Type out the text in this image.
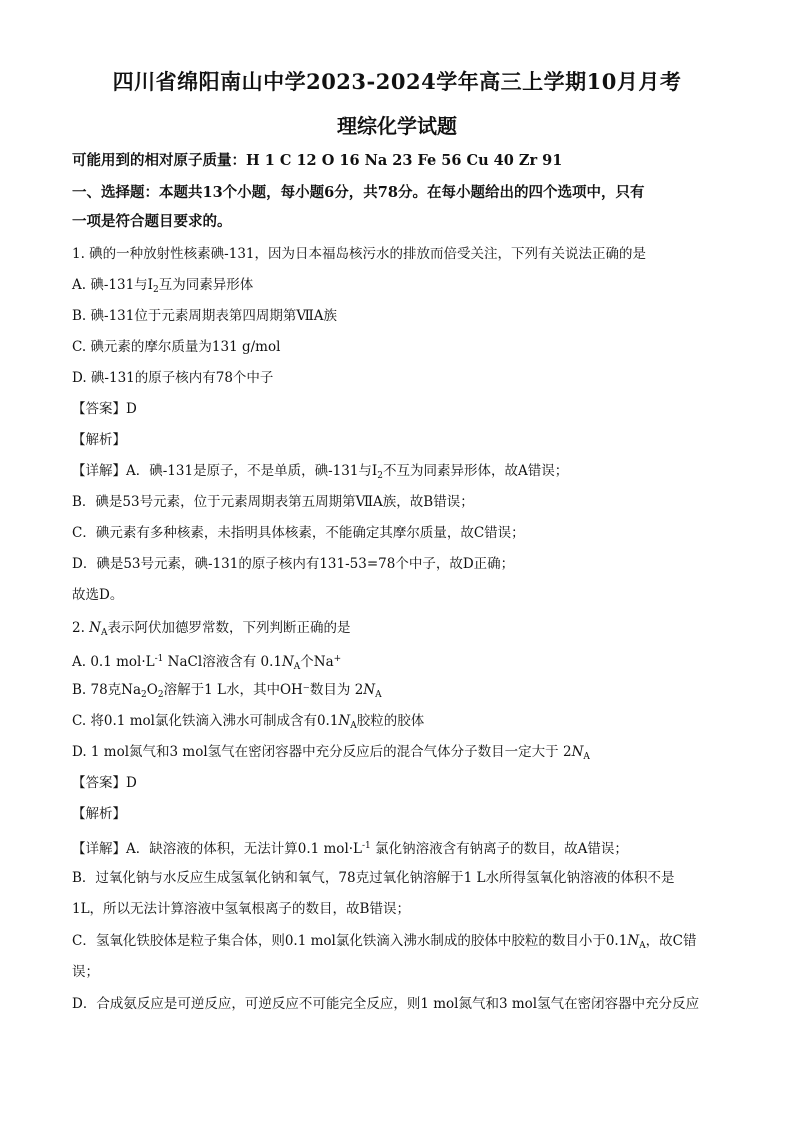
四川省绵阳南山中学2023-2024学年高三上学期10月月考
理综化学试题
可能用到的相对原子质量：H 1 C 12 O 16 Na 23 Fe 56 Cu 40 Zr 91
一、选择题：本题共13个小题，每小题6分，共78分。在每小题给出的四个选项中，只有
一项是符合题目要求的。
1. 碘的一种放射性核素碘-131，因为日本福岛核污水的排放而倍受关注，下列有关说法正确的是
A. 碘-131与$I_2$互为同素异形体
B. 碘-131位于元素周期表第四周期第ⅦA族
C. 碘元素的摩尔质量为131 g/mol
D. 碘-131的原子核内有78个中子
【答案】D
【解析】
【详解】A．碘-131是原子，不是单质，碘-131与$I_2$不互为同素异形体，故A错误；
B．碘是53号元素，位于元素周期表第五周期第ⅦA族，故B错误；
C．碘元素有多种核素，未指明具体核素，不能确定其摩尔质量，故C错误；
D．碘是53号元素，碘-131的原子核内有131-53=78个中子，故D正确；
故选D。
2. $N_A$表示阿伏加德罗常数，下列判断正确的是
A. 0.1 $mol\cdot L^{-1}$ NaCl溶液含有 $0.1N_A$个Na+
B. 78克$Na_2O_2$溶解于1 L水，其中OH⁻数目为 $2N_A$
C. 将0.1 mol氯化铁滴入沸水可制成含有$0.1N_A$胶粒的胶体
D. 1 mol氮气和3 mol氢气在密闭容器中充分反应后的混合气体分子数目一定大于 $2N_A$
【答案】D
【解析】
【详解】A．缺溶液的体积，无法计算0.1 $mol\cdot L^{-1}$ 氯化钠溶液含有钠离子的数目，故A错误；
B．过氧化钠与水反应生成氢氧化钠和氧气，78克过氧化钠溶解于1 L水所得氢氧化钠溶液的体积不是
1L，所以无法计算溶液中氢氧根离子的数目，故B错误；
C．氢氧化铁胶体是粒子集合体，则0.1 mol氯化铁滴入沸水制成的胶体中胶粒的数目小于$0.1N_A$，故C错
误；
D．合成氨反应是可逆反应，可逆反应不可能完全反应，则1 mol氮气和3 mol氢气在密闭容器中充分反应
